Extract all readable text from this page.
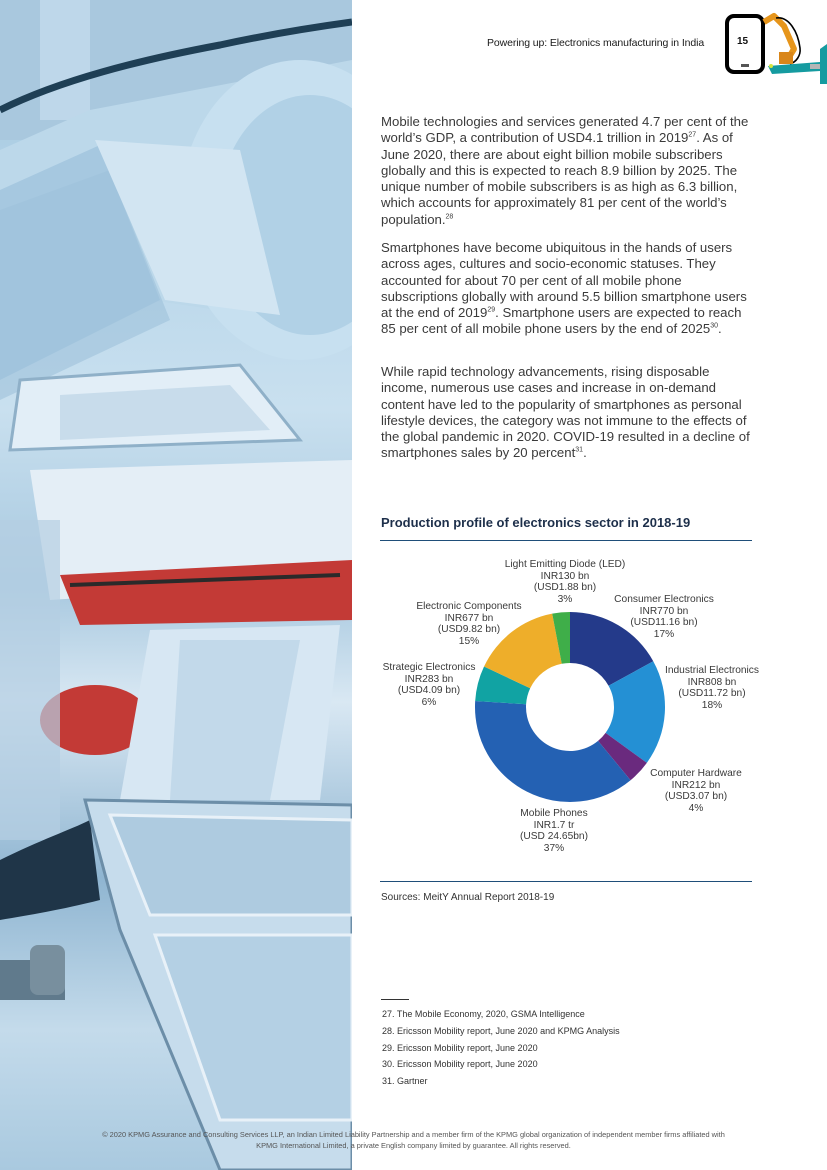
Powering up: Electronics manufacturing in India	15
Mobile technologies and services generated 4.7 per cent of the world’s GDP, a contribution of USD4.1 trillion in 2019$^{27}$. As of June 2020, there are about eight billion mobile subscribers globally and this is expected to reach 8.9 billion by 2025. The unique number of mobile subscribers is as high as 6.3 billion, which accounts for approximately 81 per cent of the world’s population.$^{28}$
Smartphones have become ubiquitous in the hands of users across ages, cultures and socio-economic statuses. They accounted for about 70 per cent of all mobile phone subscriptions globally with around 5.5 billion smartphone users at the end of 2019$^{29}$. Smartphone users are expected to reach 85 per cent of all mobile phone users by the end of 2025$^{30}$.
While rapid technology advancements, rising disposable income, numerous use cases and increase in on-demand content have led to the popularity of smartphones as personal lifestyle devices, the category was not immune to the effects of the global pandemic in 2020. COVID-19 resulted in a decline of smartphones sales by 20 percent$^{31}$.
Production profile of electronics sector in 2018-19
Light Emitting Diode (LED)
INR130 bn
(USD1.88 bn)
3%	Consumer Electronics
INR770 bn
(USD11.16 bn)
17%
Electronic Components
INR677 bn
(USD9.82 bn)
15%
Industrial Electronics
INR808 bn
(USD11.72 bn)
18%
Strategic Electronics
INR283 bn
(USD4.09 bn)
6%
Computer Hardware
INR212 bn
(USD3.07 bn)
4%
Mobile Phones
INR1.7 tr
(USD 24.65bn)
37%
Sources: MeitY Annual Report 2018-19
27. The Mobile Economy, 2020, GSMA Intelligence
28. Ericsson Mobility report, June 2020 and KPMG Analysis
29. Ericsson Mobility report, June 2020
30. Ericsson Mobility report, June 2020
31. Gartner
© 2020 KPMG Assurance and Consulting Services LLP, an Indian Limited Liability Partnership and a member firm of the KPMG global organization of independent member firms affiliated with
KPMG International Limited, a private English company limited by guarantee. All rights reserved.
